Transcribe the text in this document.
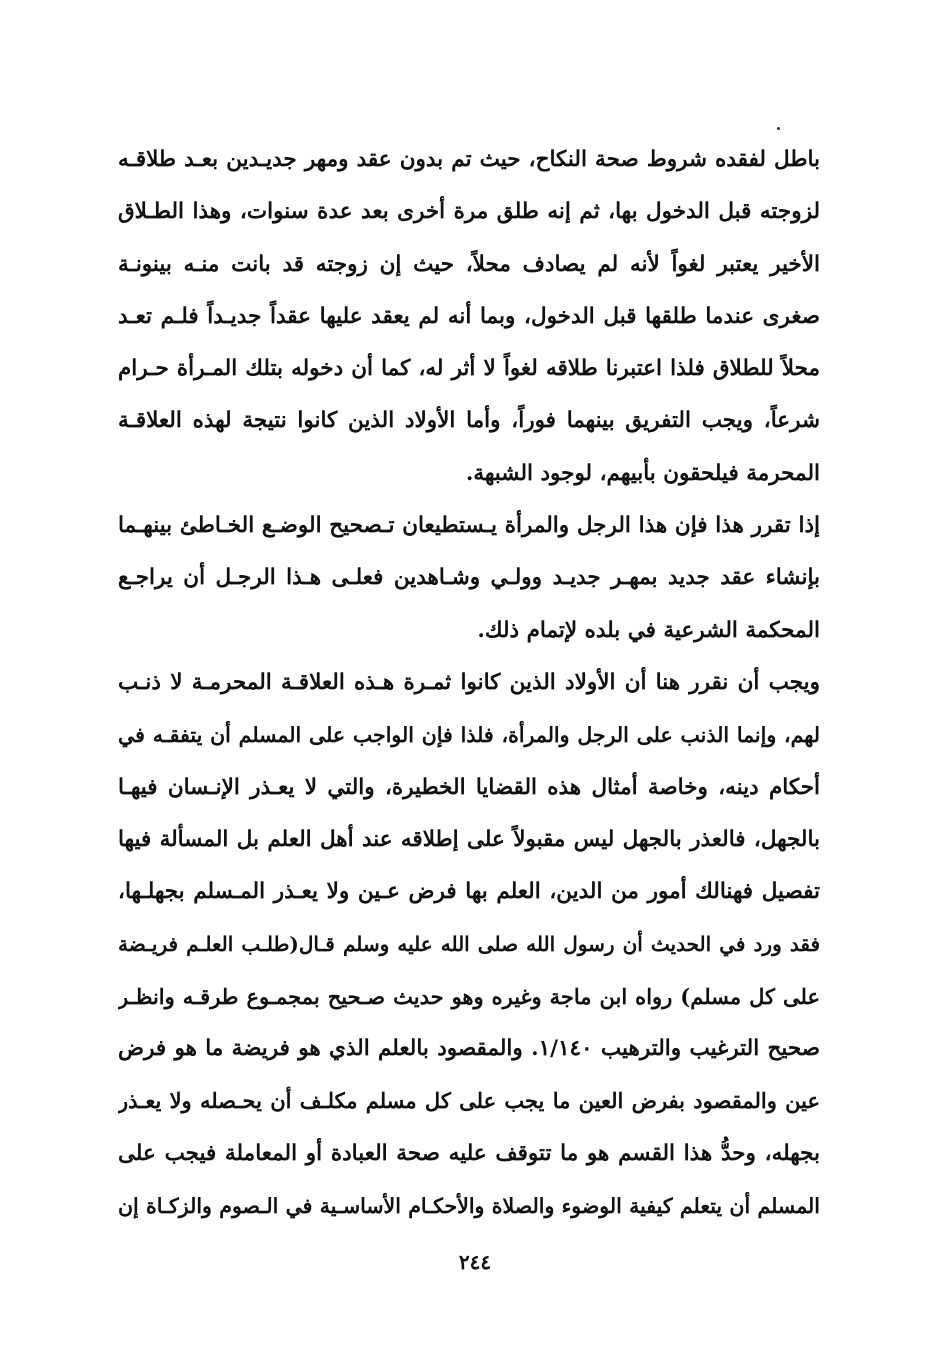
باطل لفقده شروط صحة النكاح، حيث تم بدون عقد ومهر جديـدين بعـد طلاقـه
لزوجته قبل الدخول بها، ثم إنه طلق مرة أخرى بعد عدة سنوات، وهذا الطـلاق
الأخير يعتبر لغواً لأنه لم يصادف محلاً، حيث إن زوجته قد بانت منـه بينونـة
صغرى عندما طلقها قبل الدخول، وبما أنه لم يعقد عليها عقداً جديـداً فلـم تعـد
محلاً للطلاق فلذا اعتبرنا طلاقه لغواً لا أثر له، كما أن دخوله بتلك المـرأة حـرام
شرعاً، ويجب التفريق بينهما فوراً، وأما الأولاد الذين كانوا نتيجة لهذه العلاقـة
المحرمة فيلحقون بأبيهم، لوجود الشبهة.
إذا تقرر هذا فإن هذا الرجل والمرأة يـستطيعان تـصحيح الوضـع الخـاطئ بينهـما
بإنشاء عقد جديد بمهـر جديـد وولـي وشـاهدين فعلـى هـذا الرجـل أن يراجـع
المحكمة الشرعية في بلده لإتمام ذلك.
ويجب أن نقرر هنا أن الأولاد الذين كانوا ثمـرة هـذه العلاقـة المحرمـة لا ذنـب
لهم، وإنما الذنب على الرجل والمرأة، فلذا فإن الواجب على المسلم أن يتفقـه في
أحكام دينه، وخاصة أمثال هذه القضايا الخطيرة، والتي لا يعـذر الإنـسان فيهـا
بالجهل، فالعذر بالجهل ليس مقبولاً على إطلاقه عند أهل العلم بل المسألة فيها
تفصيل فهنالك أمور من الدين، العلم بها فرض عـين ولا يعـذر المـسلم بجهلـها،
فقد ورد في الحديث أن رسول الله صلى الله عليه وسلم قـال(طلـب العلـم فريـضة
على كل مسلم) رواه ابن ماجة وغيره وهو حديث صـحيح بمجمـوع طرقـه وانظـر
صحيح الترغيب والترهيب ١/١٤٠. والمقصود بالعلم الذي هو فريضة ما هو فرض
عين والمقصود بفرض العين ما يجب على كل مسلم مكلـف أن يحـصله ولا يعـذر
بجهله، وحدُّ هذا القسم هو ما تتوقف عليه صحة العبادة أو المعاملة فيجب على
المسلم أن يتعلم كيفية الوضوء والصلاة والأحكـام الأساسـية في الـصوم والزكـاة إن
٢٤٤
